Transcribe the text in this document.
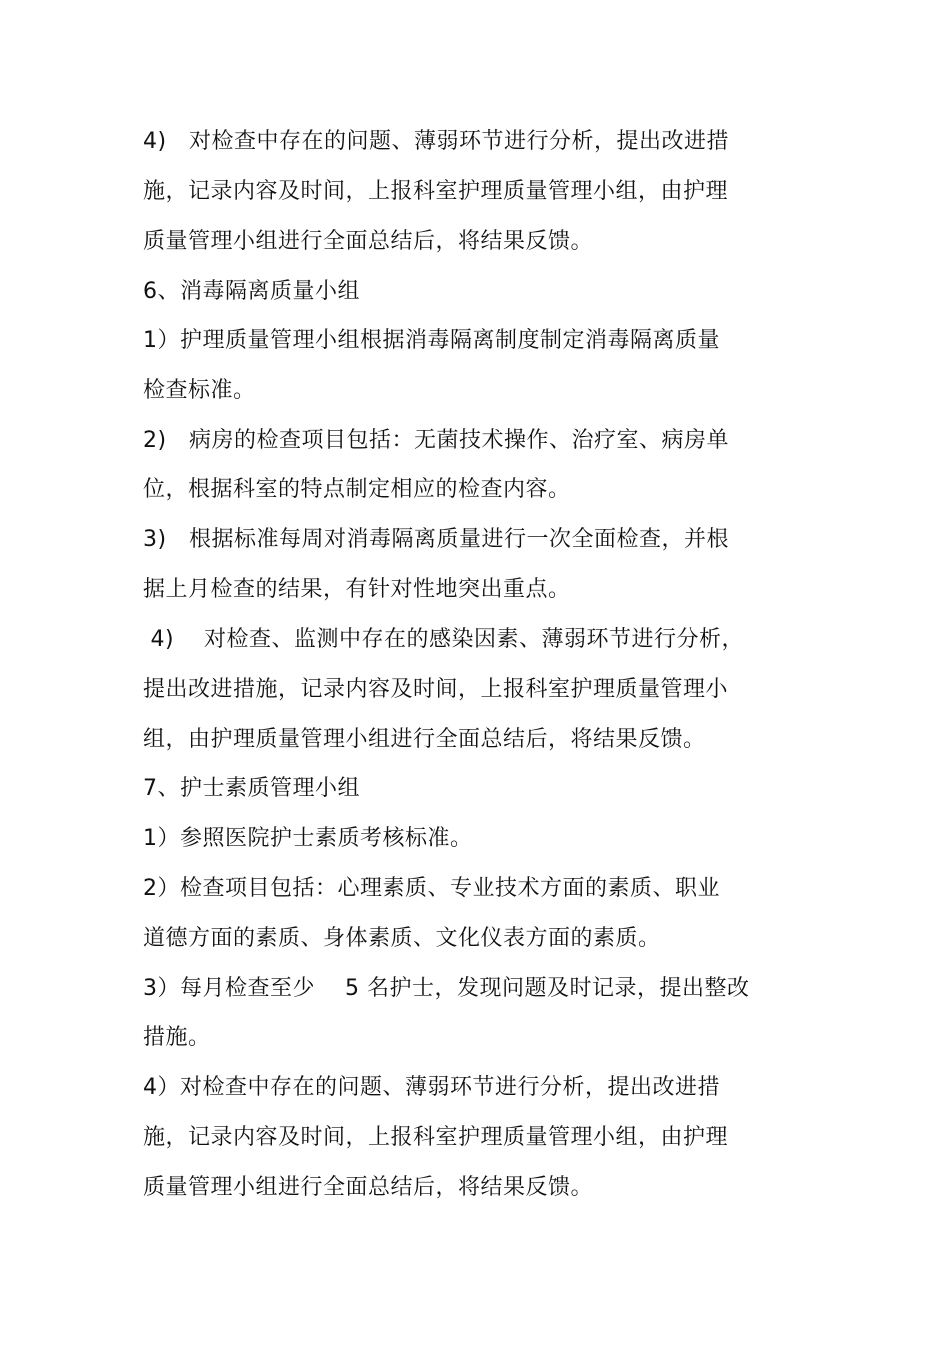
4)   对检查中存在的问题、薄弱环节进行分析，提出改进措
施，记录内容及时间，上报科室护理质量管理小组，由护理
质量管理小组进行全面总结后，将结果反馈。
6、消毒隔离质量小组
1）护理质量管理小组根据消毒隔离制度制定消毒隔离质量
检查标准。
2)   病房的检查项目包括：无菌技术操作、治疗室、病房单
位，根据科室的特点制定相应的检查内容。
3)   根据标准每周对消毒隔离质量进行一次全面检查，并根
据上月检查的结果，有针对性地突出重点。
4)    对检查、监测中存在的感染因素、薄弱环节进行分析，
提出改进措施，记录内容及时间，上报科室护理质量管理小
组，由护理质量管理小组进行全面总结后，将结果反馈。
7、护士素质管理小组
1）参照医院护士素质考核标准。
2）检查项目包括：心理素质、专业技术方面的素质、职业
道德方面的素质、身体素质、文化仪表方面的素质。
3）每月检查至少    5 名护士，发现问题及时记录，提出整改
措施。
4）对检查中存在的问题、薄弱环节进行分析，提出改进措
施，记录内容及时间，上报科室护理质量管理小组，由护理
质量管理小组进行全面总结后，将结果反馈。
